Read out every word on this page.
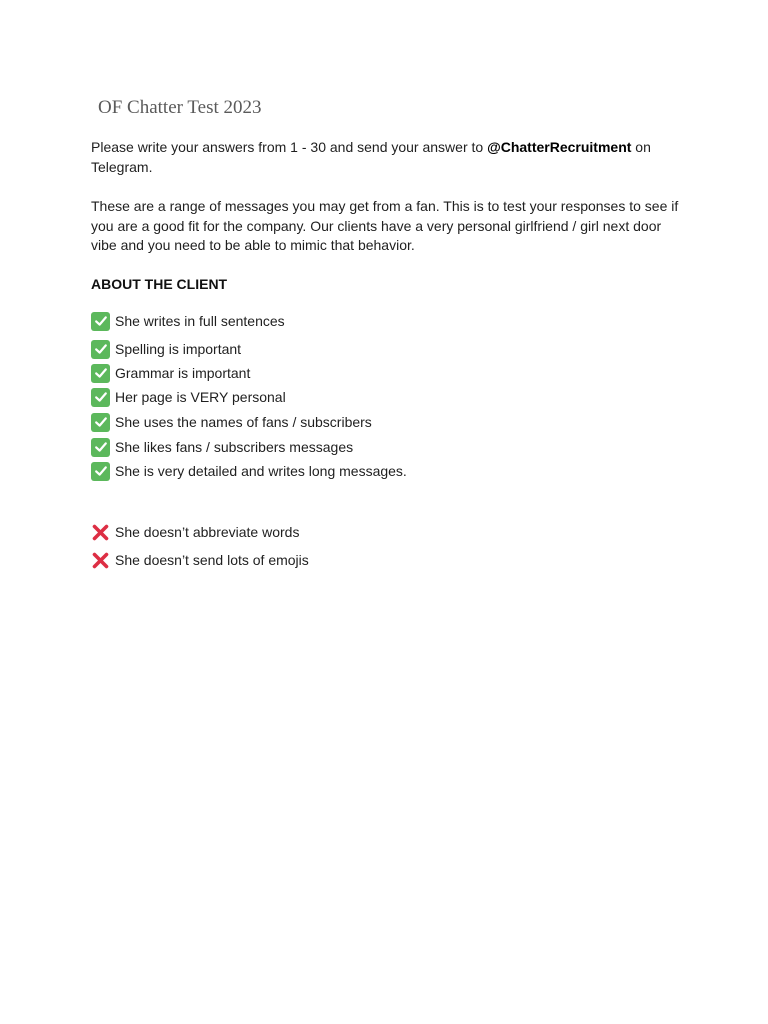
OF Chatter Test 2023

Please write your answers from 1 - 30 and send your answer to @ChatterRecruitment on Telegram.

These are a range of messages you may get from a fan. This is to test your responses to see if you are a good fit for the company. Our clients have a very personal girlfriend / girl next door vibe and you need to be able to mimic that behavior.

ABOUT THE CLIENT
She writes in full sentences
Spelling is important
Grammar is important
Her page is VERY personal
She uses the names of fans / subscribers
She likes fans / subscribers messages
She is very detailed and writes long messages.
She doesn’t abbreviate words
She doesn’t send lots of emojis
